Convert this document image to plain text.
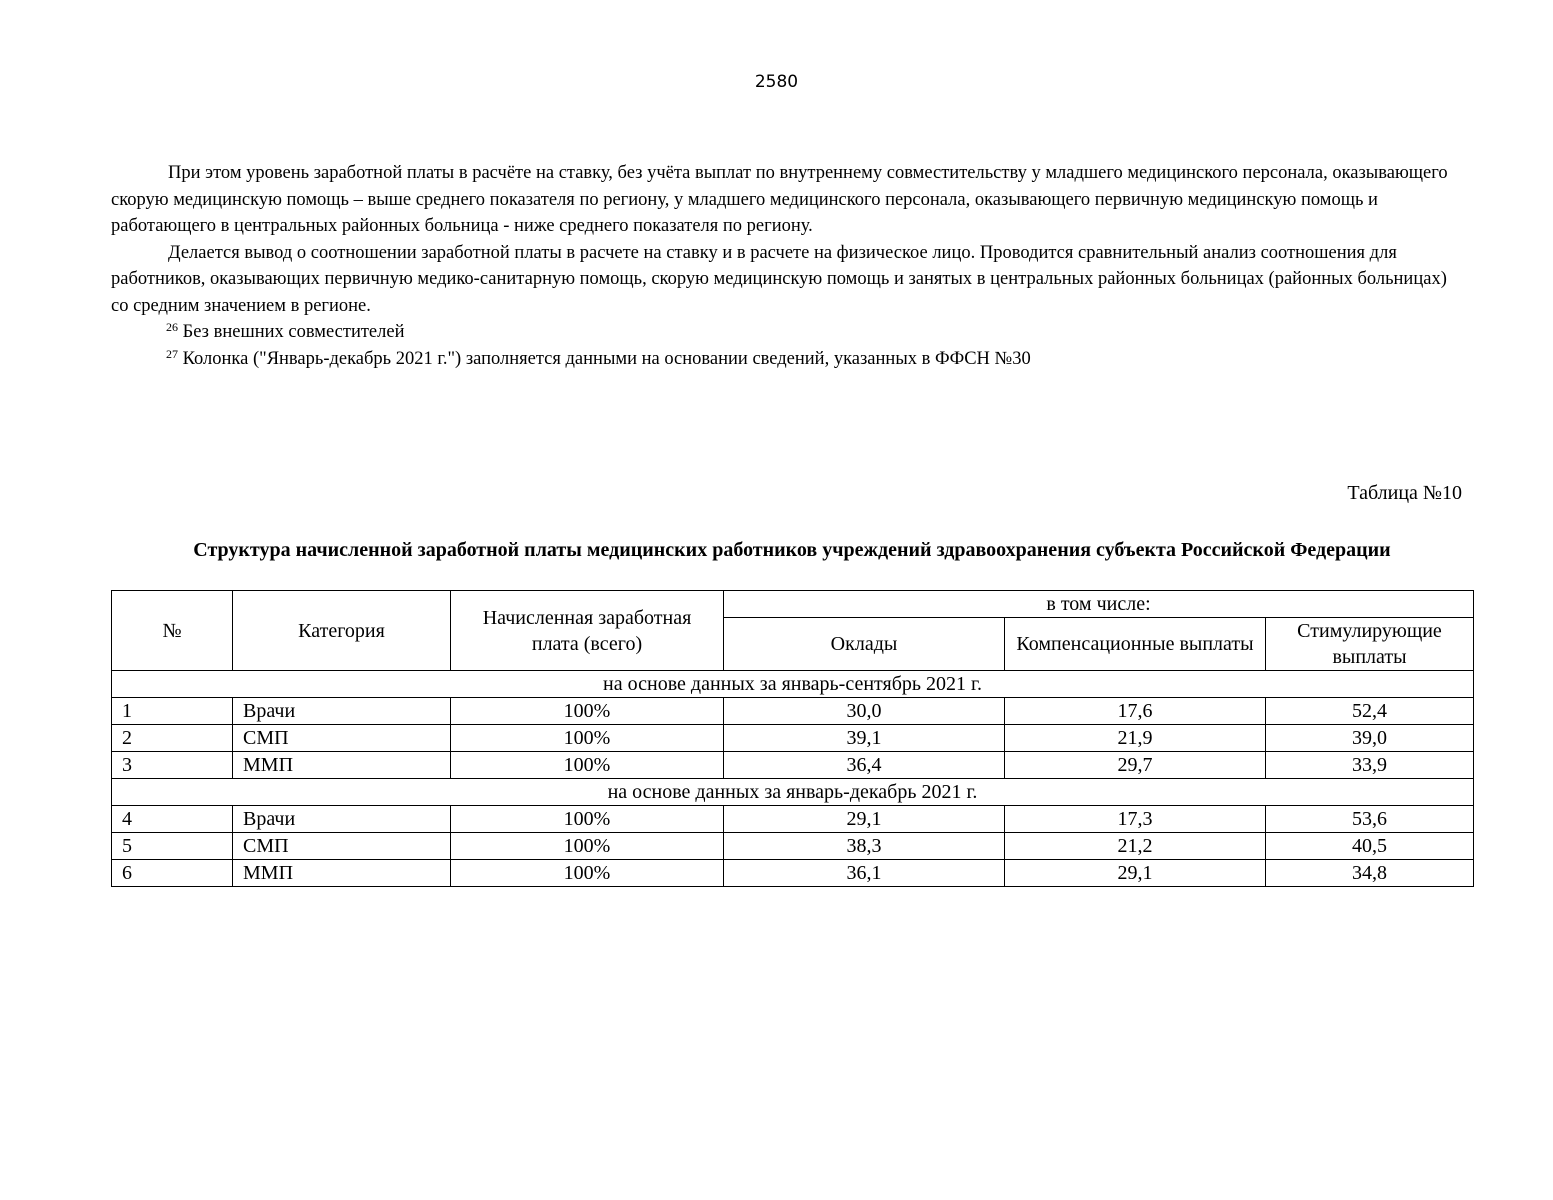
2580

При этом уровень заработной платы в расчёте на ставку, без учёта выплат по внутреннему совместительству у младшего медицинского персонала, оказывающего скорую медицинскую помощь – выше среднего показателя по региону, у младшего медицинского персонала, оказывающего первичную медицинскую помощь и работающего в центральных районных больница - ниже среднего показателя по региону.

Делается вывод о соотношении заработной платы в расчете на ставку и в расчете на физическое лицо. Проводится сравнительный анализ соотношения для работников, оказывающих первичную медико-санитарную помощь, скорую медицинскую помощь и занятых в центральных районных больницах (районных больницах) со средним значением в регионе.

$^{26}$ Без внешних совместителей

$^{27}$ Колонка ("Январь-декабрь 2021 г.") заполняется данными на основании сведений, указанных в ФФСН №30

Таблица №10
Структура начисленной заработной платы медицинских работников учреждений здравоохранения субъекта Российской Федерации
№	Категория	Начисленная заработная плата (всего)	в том числе:		
			Оклады	Компенсационные выплаты	Стимулирующие выплаты
на основе данных за январь-сентябрь 2021 г.					
1	Врачи	100%	30,0	17,6	52,4
2	СМП	100%	39,1	21,9	39,0
3	ММП	100%	36,4	29,7	33,9
на основе данных за январь-декабрь 2021 г.					
4	Врачи	100%	29,1	17,3	53,6
5	СМП	100%	38,3	21,2	40,5
6	ММП	100%	36,1	29,1	34,8
